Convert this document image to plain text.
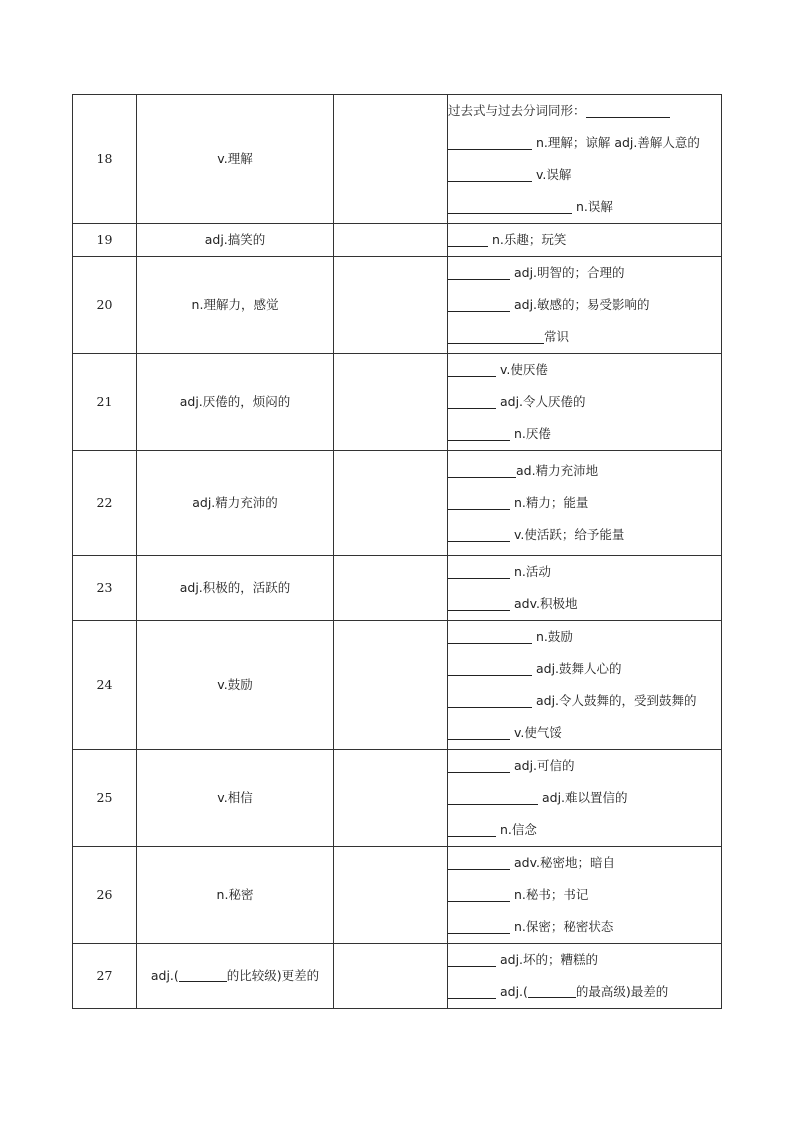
18	v.理解		过去式与过去分词同形：
n.理解；谅解 adj.善解人意的
v.误解
n.误解

19	adj.搞笑的		n.乐趣；玩笑

20	n.理解力，感觉		adj.明智的；合理的
adj.敏感的；易受影响的
常识

21	adj.厌倦的，烦闷的		v.使厌倦
adj.令人厌倦的
n.厌倦

22	adj.精力充沛的		ad.精力充沛地
n.精力；能量
v.使活跃；给予能量

23	adj.积极的，活跃的		n.活动
adv.积极地

24	v.鼓励		n.鼓励
adj.鼓舞人心的
adj.令人鼓舞的，受到鼓舞的
v.使气馁

25	v.相信		adj.可信的
adj.难以置信的
n.信念

26	n.秘密		adv.秘密地；暗自
n.秘书；书记
n.保密；秘密状态

27	adj.( 的比较级)更差的		adj.坏的；糟糕的
adj.( 的最高级)最差的
